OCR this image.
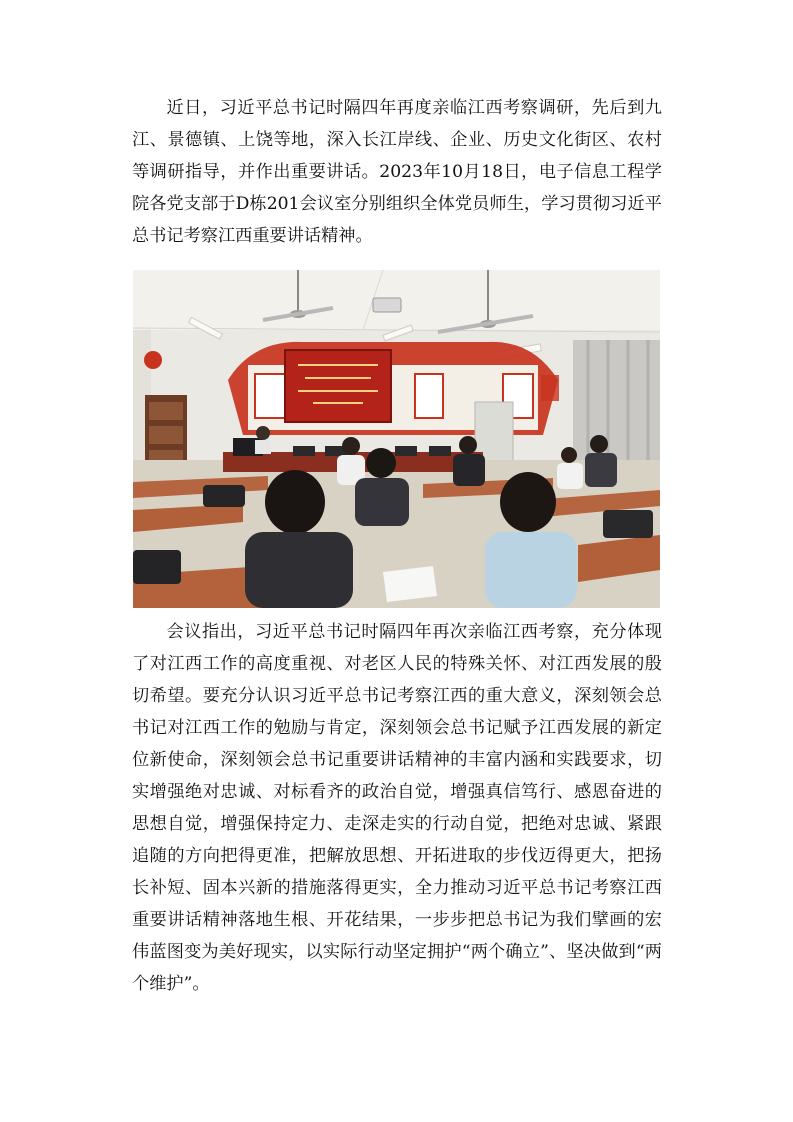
近日，习近平总书记时隔四年再度亲临江西考察调研，先后到九江、景德镇、上饶等地，深入长江岸线、企业、历史文化街区、农村等调研指导，并作出重要讲话。2023年10月18日，电子信息工程学院各党支部于D栋201会议室分别组织全体党员师生，学习贯彻习近平总书记考察江西重要讲话精神。

会议指出，习近平总书记时隔四年再次亲临江西考察，充分体现了对江西工作的高度重视、对老区人民的特殊关怀、对江西发展的殷切希望。要充分认识习近平总书记考察江西的重大意义，深刻领会总书记对江西工作的勉励与肯定，深刻领会总书记赋予江西发展的新定位新使命，深刻领会总书记重要讲话精神的丰富内涵和实践要求，切实增强绝对忠诚、对标看齐的政治自觉，增强真信笃行、感恩奋进的思想自觉，增强保持定力、走深走实的行动自觉，把绝对忠诚、紧跟追随的方向把得更准，把解放思想、开拓进取的步伐迈得更大，把扬长补短、固本兴新的措施落得更实，全力推动习近平总书记考察江西重要讲话精神落地生根、开花结果，一步步把总书记为我们擘画的宏伟蓝图变为美好现实，以实际行动坚定拥护“两个确立”、坚决做到“两个维护”。
